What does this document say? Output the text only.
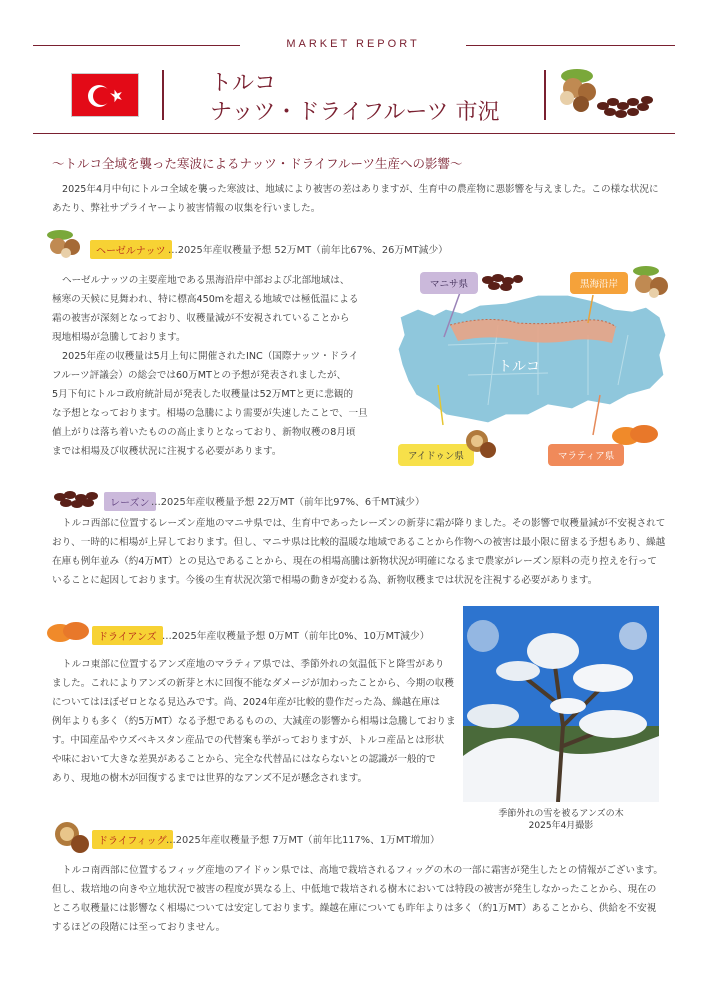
MARKET REPORT
トルコ
ナッツ・ドライフルーツ 市況
～トルコ全域を襲った寒波によるナッツ・ドライフルーツ生産への影響～
2025年4月中旬にトルコ全域を襲った寒波は、地域により被害の差はありますが、生育中の農産物に悪影響を与えました。この様な状況に
あたり、弊社サプライヤーより被害情報の収集を行いました。
ヘーゼルナッツ …2025年産収穫量予想 52万MT（前年比67%、26万MT減少）
ヘーゼルナッツの主要産地である黒海沿岸中部および北部地域は、
極寒の天候に見舞われ、特に標高450mを超える地域では極低温による
霜の被害が深刻となっており、収穫量減が不安視されていることから
現地相場が急騰しております。
2025年産の収穫量は5月上旬に開催されたINC（国際ナッツ・ドライ
フルーツ評議会）の総会では60万MTとの予想が発表されましたが、
5月下旬にトルコ政府統計局が発表した収穫量は52万MTと更に悲観的
な予想となっております。相場の急騰により需要が失速したことで、一旦
値上がりは落ち着いたものの高止まりとなっており、新物収穫の8月頃
までは相場及び収穫状況に注視する必要があります。
トルコ
マニサ県	黒海沿岸
アイドゥン県	マラティア県
レーズン …2025年産収穫量予想 22万MT（前年比97%、6千MT減少）
トルコ西部に位置するレーズン産地のマニサ県では、生育中であったレーズンの新芽に霜が降りました。その影響で収穫量減が不安視されて
おり、一時的に相場が上昇しております。但し、マニサ県は比較的温暖な地域であることから作物への被害は最小限に留まる予想もあり、繰越
在庫も例年並み（約4万MT）との見込であることから、現在の相場高騰は新物状況が明確になるまで農家がレーズン原料の売り控えを行って
いることに起因しております。今後の生育状況次第で相場の動きが変わる為、新物収穫までは状況を注視する必要があります。
ドライアンズ …2025年産収穫量予想 0万MT（前年比0%、10万MT減少）
トルコ東部に位置するアンズ産地のマラティア県では、季節外れの気温低下と降雪があり
ました。これによりアンズの新芽と木に回復不能なダメージが加わったことから、今期の収穫
についてはほぼゼロとなる見込みです。尚、2024年産が比較的豊作だった為、繰越在庫は
例年よりも多く（約5万MT）なる予想であるものの、大減産の影響から相場は急騰しておりま
す。中国産品やウズベキスタン産品での代替案も挙がっておりますが、トルコ産品とは形状
や味において大きな差異があることから、完全な代替品にはならないとの認識が一般的で
あり、現地の樹木が回復するまでは世界的なアンズ不足が懸念されます。
季節外れの雪を被るアンズの木
2025年4月撮影
ドライフィッグ …2025年産収穫量予想 7万MT（前年比117%、1万MT増加）
トルコ南西部に位置するフィッグ産地のアイドゥン県では、高地で栽培されるフィッグの木の一部に霜害が発生したとの情報がございます。
但し、栽培地の向きや立地状況で被害の程度が異なる上、中低地で栽培される樹木においては特段の被害が発生しなかったことから、現在の
ところ収穫量には影響なく相場については安定しております。繰越在庫についても昨年よりは多く（約1万MT）あることから、供給を不安視
するほどの段階には至っておりません。
